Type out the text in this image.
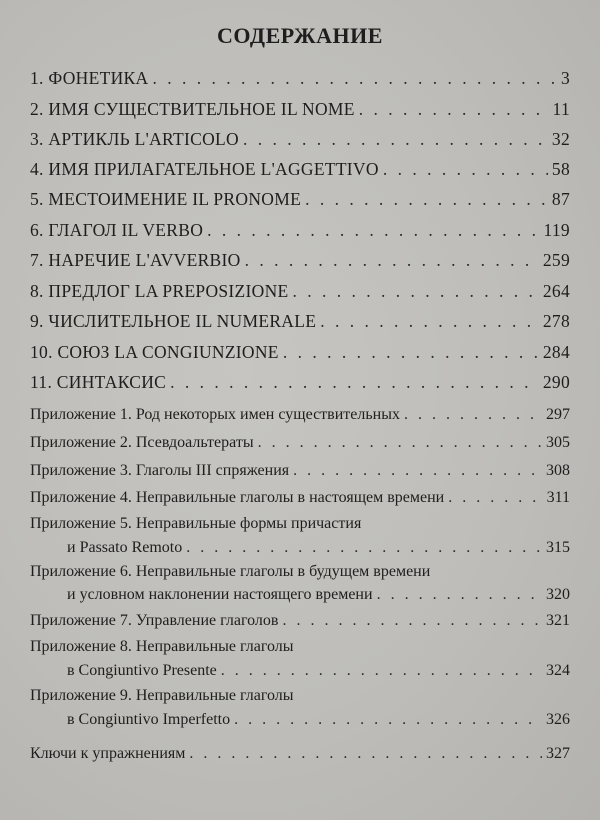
СОДЕРЖАНИЕ
1. ФОНЕТИКА . . .	3
2. ИМЯ СУЩЕСТВИТЕЛЬНОЕ IL NOME . . .	11
3. АРТИКЛЬ L'ARTICOLO . . .	32
4. ИМЯ ПРИЛАГАТЕЛЬНОЕ L'AGGETTIVO . . .	58
5. МЕСТОИМЕНИЕ IL PRONOME . . .	87
6. ГЛАГОЛ IL VERBO . . .	119
7. НАРЕЧИЕ L'AVVERBIO . . .	259
8. ПРЕДЛОГ LA PREPOSIZIONE . . .	264
9. ЧИСЛИТЕЛЬНОЕ IL NUMERALE . . .	278
10. СОЮЗ LA CONGIUNZIONE . . .	284
11. СИНТАКСИС . . .	290
Приложение 1. Род некоторых имен существительных . . .	297
Приложение 2. Псевдоальтераты . . .	305
Приложение 3. Глаголы III спряжения . . .	308
Приложение 4. Неправильные глаголы в настоящем времени . . .	311
Приложение 5. Неправильные формы причастия
и Passato Remoto . . .	315
Приложение 6. Неправильные глаголы в будущем времени
и условном наклонении настоящего времени . . .	320
Приложение 7. Управление глаголов . . .	321
Приложение 8. Неправильные глаголы
в Congiuntivo Presente . . .	324
Приложение 9. Неправильные глаголы
в Congiuntivo Imperfetto . . .	326
Ключи к упражнениям . . .	327
